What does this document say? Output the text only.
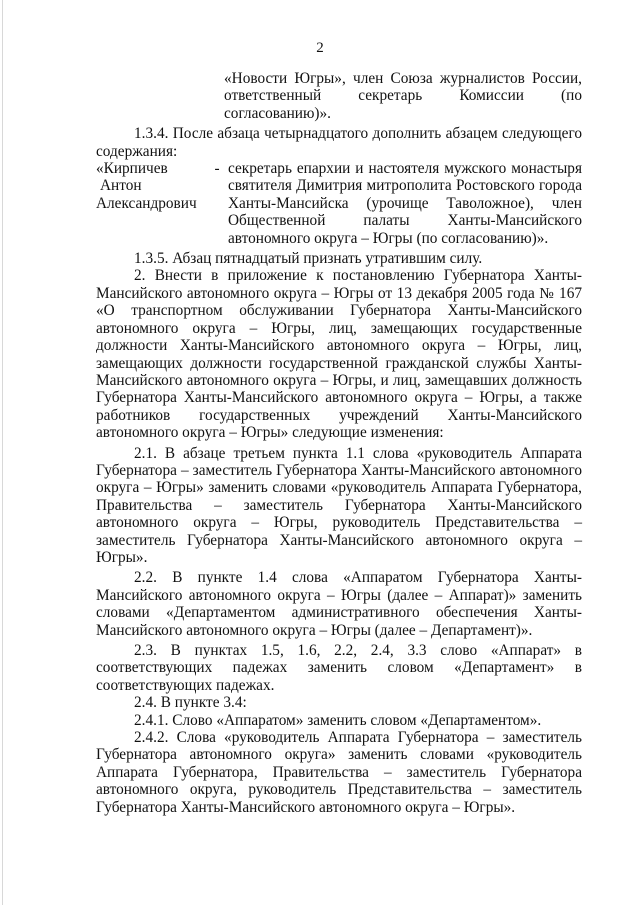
2

«Новости Югры», член Союза журналистов России, ответственный секретарь Комиссии (по согласованию)».

1.3.4. После абзаца четырнадцатого дополнить абзацем следующего содержания:

«Кирпичев
Антон
Александрович
- секретарь епархии и настоятеля мужского монастыря святителя Димитрия митрополита Ростовского города Ханты-Мансийска (урочище Таволожное), член Общественной палаты Ханты-Мансийского автономного округа – Югры (по согласованию)».

1.3.5. Абзац пятнадцатый признать утратившим силу.

2. Внести в приложение к постановлению Губернатора Ханты-Мансийского автономного округа – Югры от 13 декабря 2005 года № 167 «О транспортном обслуживании Губернатора Ханты-Мансийского автономного округа – Югры, лиц, замещающих государственные должности Ханты-Мансийского автономного округа – Югры, лиц, замещающих должности государственной гражданской службы Ханты-Мансийского автономного округа – Югры, и лиц, замещавших должность Губернатора Ханты-Мансийского автономного округа – Югры, а также работников государственных учреждений Ханты-Мансийского автономного округа – Югры» следующие изменения:

2.1. В абзаце третьем пункта 1.1 слова «руководитель Аппарата Губернатора – заместитель Губернатора Ханты-Мансийского автономного округа – Югры» заменить словами «руководитель Аппарата Губернатора, Правительства – заместитель Губернатора Ханты-Мансийского автономного округа – Югры, руководитель Представительства – заместитель Губернатора Ханты-Мансийского автономного округа – Югры».

2.2. В пункте 1.4 слова «Аппаратом Губернатора Ханты-Мансийского автономного округа – Югры (далее – Аппарат)» заменить словами «Департаментом административного обеспечения Ханты-Мансийского автономного округа – Югры (далее – Департамент)».

2.3. В пунктах 1.5, 1.6, 2.2, 2.4, 3.3 слово «Аппарат» в соответствующих падежах заменить словом «Департамент» в соответствующих падежах.

2.4. В пункте 3.4:

2.4.1. Слово «Аппаратом» заменить словом «Департаментом».

2.4.2. Слова «руководитель Аппарата Губернатора – заместитель Губернатора автономного округа» заменить словами «руководитель Аппарата Губернатора, Правительства – заместитель Губернатора автономного округа, руководитель Представительства – заместитель Губернатора Ханты-Мансийского автономного округа – Югры».
